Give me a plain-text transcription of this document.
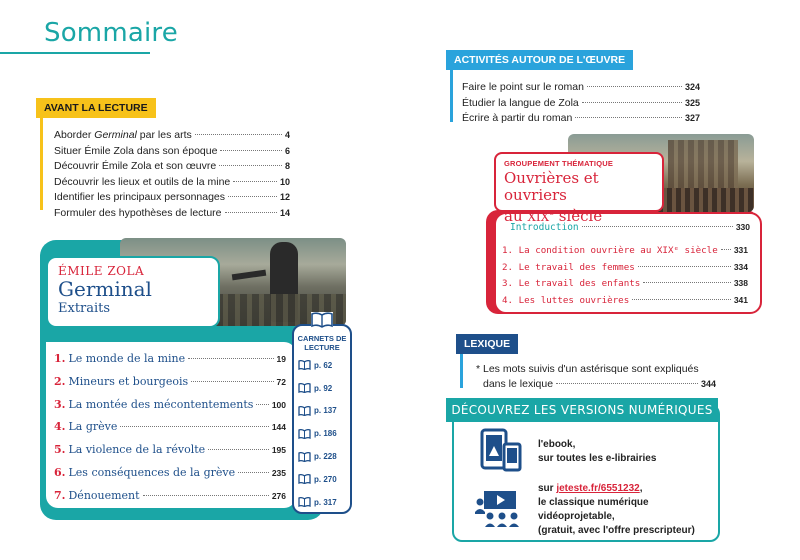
Sommaire
AVANT LA LECTURE
Aborder Germinal par les arts	4
Situer Émile Zola dans son époque	6
Découvrir Émile Zola et son œuvre	8
Découvrir les lieux et outils de la mine	10
Identifier les principaux personnages	12
Formuler des hypothèses de lecture	14
ÉMILE ZOLA
Germinal
Extraits
1. Le monde de la mine	19
2. Mineurs et bourgeois	72
3. La montée des mécontentements 100
4. La grève	144
5. La violence de la révolte	195
6. Les conséquences de la grève	235
7. Dénouement	276
CARNETS DE LECTURE
p. 62
p. 92
p. 137
p. 186
p. 228
p. 270
p. 317
ACTIVITÉS AUTOUR DE L'ŒUVRE
Faire le point sur le roman	324
Étudier la langue de Zola	325
Écrire à partir du roman	327
GROUPEMENT THÉMATIQUE
Ouvrières et ouvriers
au XIXe siècle
Introduction	330
1. La condition ouvrière au XIXᵉ siècle 331
2. Le travail des femmes	334
3. Le travail des enfants	338
4. Les luttes ouvrières	341
LEXIQUE
* Les mots suivis d'un astérisque sont expliqués
dans le lexique	344
DÉCOUVREZ LES VERSIONS NUMÉRIQUES
l'ebook,
sur toutes les e-librairies
sur jeteste.fr/6551232,
le classique numérique
vidéoprojetable,
(gratuit, avec l'offre prescripteur)
